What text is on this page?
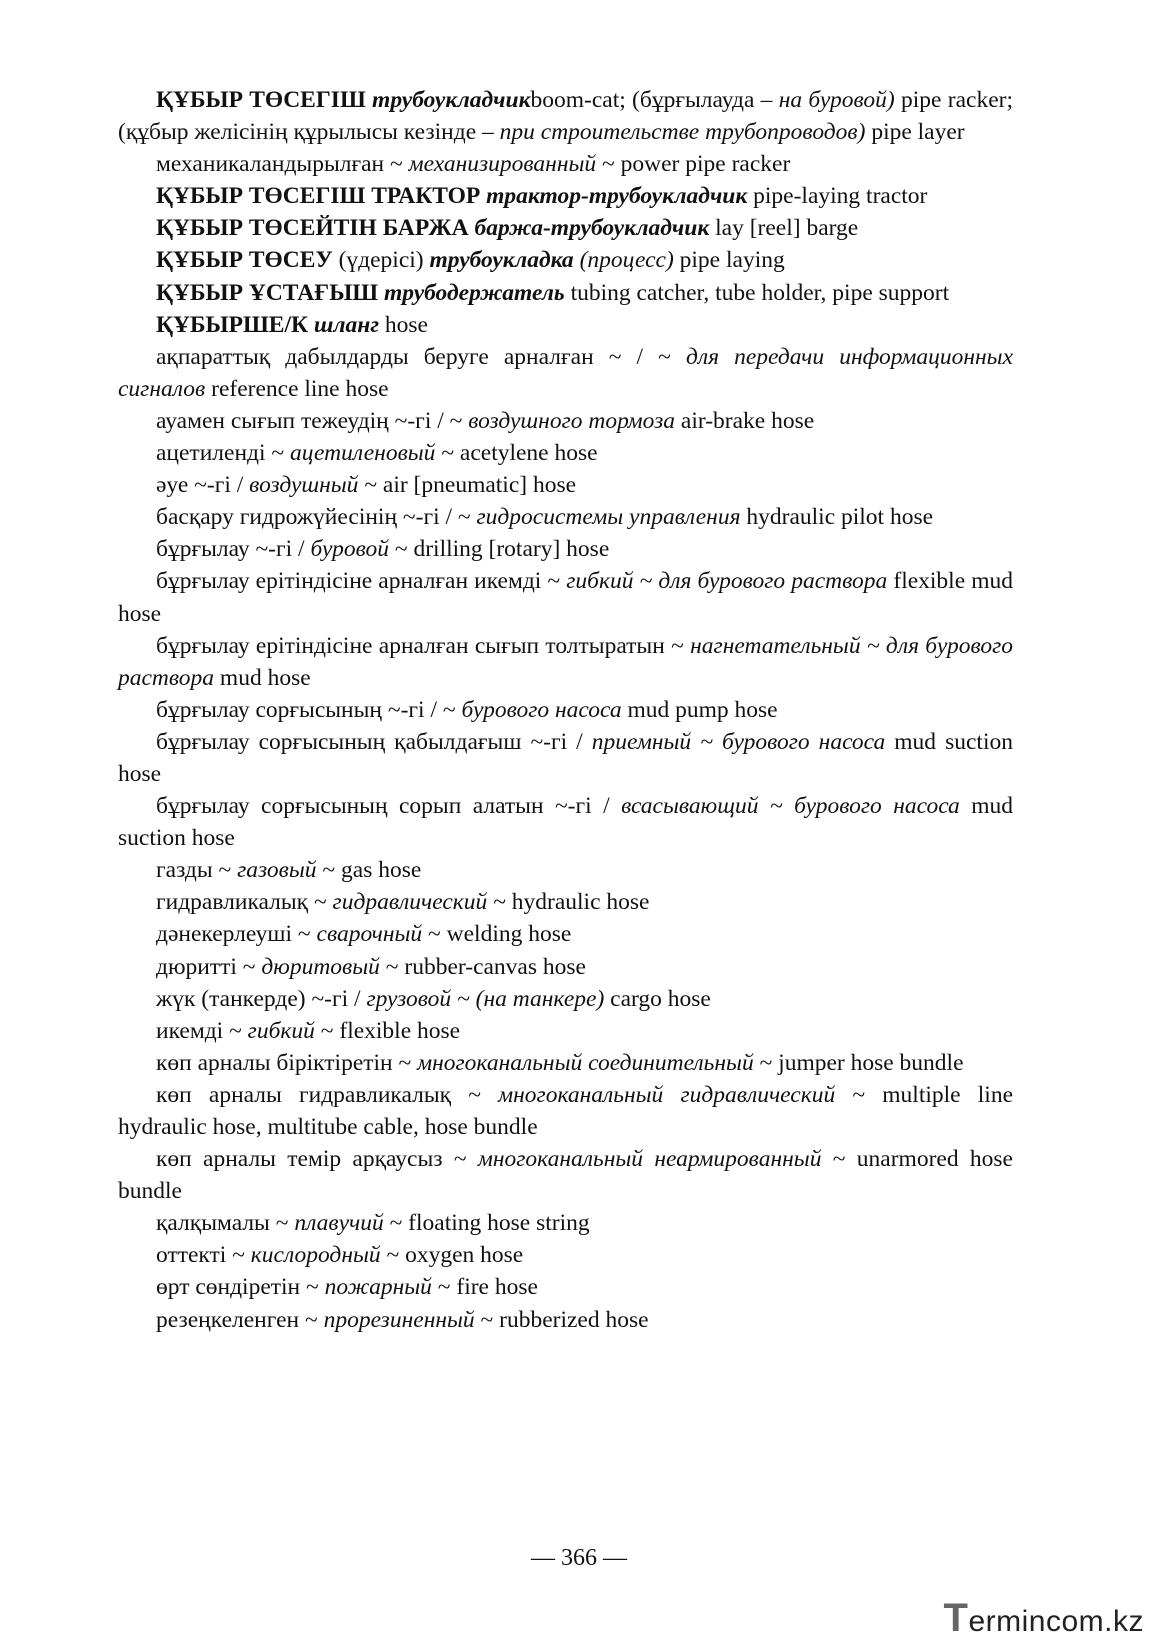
ҚҰБЫР ТӨСЕГІШ трубоукладчикboom-cat; (бұрғылауда – на буровой) pipe racker; (құбыр желісінің құрылысы кезінде – при строительстве трубопроводов) pipe layer

механикаландырылған ~ механизированный ~ power pipe racker

ҚҰБЫР ТӨСЕГІШ ТРАКТОР трактор-трубоукладчик pipe-laying tractor

ҚҰБЫР ТӨСЕЙТІН БАРЖА баржа-трубоукладчик lay [reel] barge

ҚҰБЫР ТӨСЕУ (үдерісі) трубоукладка (процесс) pipe laying

ҚҰБЫР ҰСТАҒЫШ трубодержатель tubing catcher, tube holder, pipe support

ҚҰБЫРШЕ/К шланг hose

ақпараттық дабылдарды беруге арналған ~ / ~ для передачи информационных сигналов reference line hose

ауамен сығып тежеудің ~-гі / ~ воздушного тормоза air-brake hose

ацетилендi ~ ацетиленовый ~ acetylene hose

әуе ~-гі / воздушный ~ air [pneumatic] hose

басқару гидрожүйесінің ~-гі / ~ гидросистемы управления hydraulic pilot hose

бұрғылау ~-гі / буровой ~ drilling [rotary] hose

бұрғылау ерітіндісіне арналған икемді ~ гибкий ~ для бурового раствора flexible mud hose

бұрғылау ерітіндісіне арналған сығып толтыратын ~ нагнетательный ~ для бурового раствора mud hose

бұрғылау сорғысының ~-гі / ~ бурового насоса mud pump hose

бұрғылау сорғысының қабылдағыш ~-гі / приемный ~ бурового насоса mud suction hose

бұрғылау сорғысының сорып алатын ~-гі / всасывающий ~ бурового насоса mud suction hose

газды ~ газовый ~ gas hose

гидравликалық ~ гидравлический ~ hydraulic hose

дәнекерлеуші ~ сварочный ~ welding hose

дюритті ~ дюритовый ~ rubber-canvas hose

жүк (танкерде) ~-гі / грузовой ~ (на танкере) cargo hose

икемді ~ гибкий ~ flexible hose

көп арналы біріктіретін ~ многоканальный соединительный ~ jumper hose bundle

көп арналы гидравликалық ~ многоканальный гидравлический ~ multiple line hydraulic hose, multitube cable, hose bundle

көп арналы темір арқаусыз ~ многоканальный неармированный ~ unarmored hose bundle

қалқымалы ~ плавучий ~ floating hose string

оттекті ~ кислородный ~ oxygen hose

өрт сөндіретін ~ пожарный ~ fire hose

резеңкеленген ~ прорезиненный ~ rubberized hose

— 366 —
Termincom.kz
